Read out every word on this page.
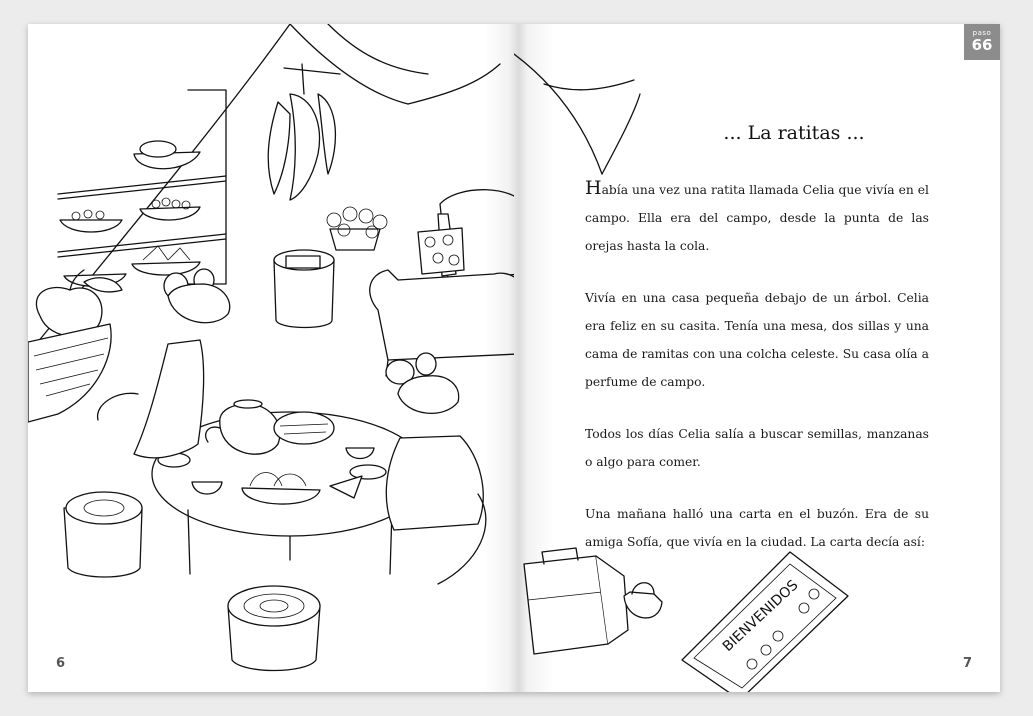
6
BIENVENIDOS
paso
66
... La ratitas ...

Había una vez una ratita llamada Celia que vivía en el campo. Ella era del campo, desde la punta de las orejas hasta la cola.

Vivía en una casa pequeña debajo de un árbol. Celia era feliz en su casita. Tenía una mesa, dos sillas y una cama de ramitas con una colcha celeste. Su casa olía a perfume de campo.

Todos los días Celia salía a buscar semillas, manzanas o algo para comer.

Una mañana halló una carta en el buzón. Era de su amiga Sofía, que vivía en la ciudad. La carta decía así:

7
